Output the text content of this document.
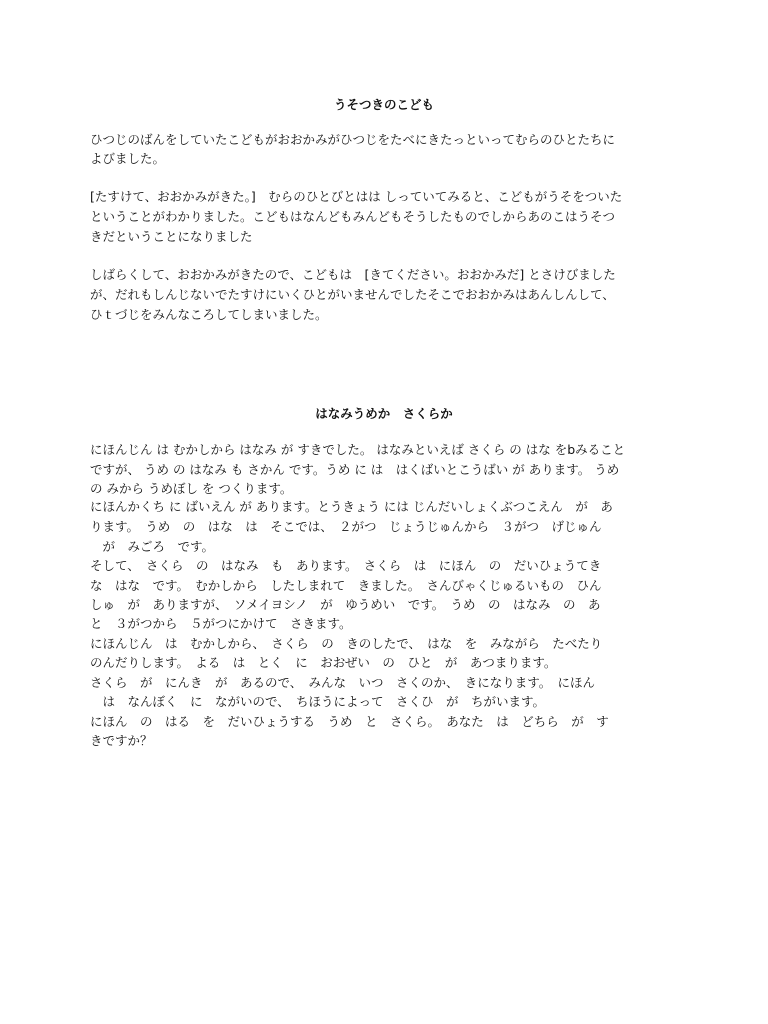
うそつきのこども
ひつじのばんをしていたこどもがおおかみがひつじをたべにきたっといってむらのひとたちに
よびました。
[たすけて、おおかみがきた。]　むらのひとびとはは しっていてみると、こどもがうそをついた
ということがわかりました。こどもはなんどもみんどもそうしたものでしからあのこはうそつ
きだということになりました
しばらくして、おおかみがきたので、こどもは　[きてください。おおかみだ] とさけびました
が、だれもしんじないでたすけにいくひとがいませんでしたそこでおおかみはあんしんして、
ひｔづじをみんなころしてしまいました。
はなみうめか　さくらか
にほんじん は むかしから はなみ が すきでした。 はなみといえば さくら の はな をbみること
ですが、 うめ の はなみ も さかん です。うめ に は　はくばいとこうばい が あります。 うめ
の みから うめぼし を つくります。
にほんかくち に ばいえん が あります。とうきょう には じんだいしょくぶつこえん　が　あ
ります。　うめ　の　はな　は　そこでは、　２がつ　じょうじゅんから　３がつ　げじゅん
　が　みごろ　です。
そして、　さくら　の　はなみ　も　あります。　さくら　は　にほん　の　だいひょうてき
な　はな　です。　むかしから　したしまれて　きました。　さんびゃくじゅるいもの　ひん
しゅ　が　ありますが、　ソメイヨシノ　が　ゆうめい　です。　うめ　の　はなみ　の　あ
と　３がつから　５がつにかけて　さきます。
にほんじん　は　むかしから、　さくら　の　きのしたで、　はな　を　みながら　たべたり
のんだりします。　よる　は　とく　に　おおぜい　の　ひと　が　あつまります。
さくら　が　にんき　が　あるので、　みんな　いつ　さくのか、　きになります。　にほん
　は　なんぼく　に　ながいので、　ちほうによって　さくひ　が　ちがいます。
にほん　の　はる　を　だいひょうする　うめ　と　さくら。　あなた　は　どちら　が　す
きですか？
